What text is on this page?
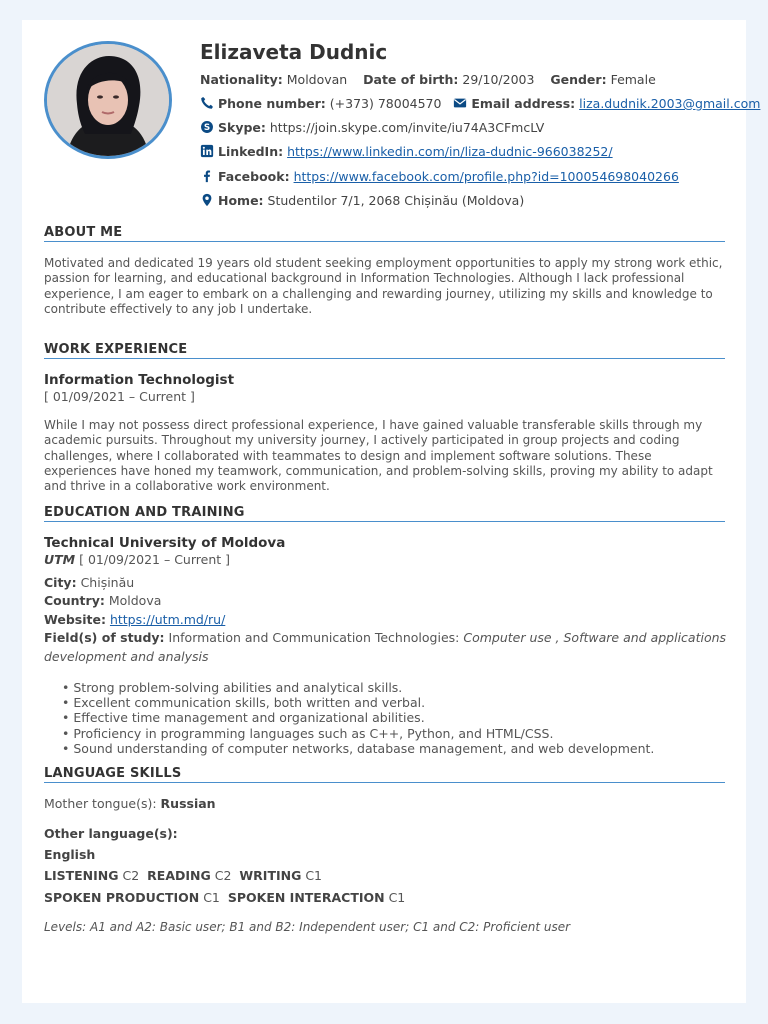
Elizaveta Dudnic
Nationality: Moldovan Date of birth: 29/10/2003 Gender: Female
Phone number: (+373) 78004570 Email address: liza.dudnik.2003@gmail.com
S Skype: https://join.skype.com/invite/iu74A3CFmcLV
LinkedIn: https://www.linkedin.com/in/liza-dudnic-966038252/
Facebook: https://www.facebook.com/profile.php?id=100054698040266
Home: Studentilor 7/1, 2068 Chișinău (Moldova)
ABOUT ME
Motivated and dedicated 19 years old student seeking employment opportunities to apply my strong work ethic, passion for learning, and educational background in Information Technologies. Although I lack professional experience, I am eager to embark on a challenging and rewarding journey, utilizing my skills and knowledge to contribute effectively to any job I undertake.
WORK EXPERIENCE
Information Technologist
[ 01/09/2021 – Current ]
While I may not possess direct professional experience, I have gained valuable transferable skills through my academic pursuits. Throughout my university journey, I actively participated in group projects and coding challenges, where I collaborated with teammates to design and implement software solutions. These experiences have honed my teamwork, communication, and problem-solving skills, proving my ability to adapt and thrive in a collaborative work environment.
EDUCATION AND TRAINING
Technical University of Moldova
UTM [ 01/09/2021 – Current ]
City: Chișinău
Country: Moldova
Website: https://utm.md/ru/
Field(s) of study: Information and Communication Technologies: Computer use , Software and applications
development and analysis
• Strong problem-solving abilities and analytical skills.
• Excellent communication skills, both written and verbal.
• Effective time management and organizational abilities.
• Proficiency in programming languages such as C++, Python, and HTML/CSS.
• Sound understanding of computer networks, database management, and web development.
LANGUAGE SKILLS
Mother tongue(s): Russian
Other language(s):
English
LISTENING C2 READING C2 WRITING C1
SPOKEN PRODUCTION C1 SPOKEN INTERACTION C1
Levels: A1 and A2: Basic user; B1 and B2: Independent user; C1 and C2: Proficient user
